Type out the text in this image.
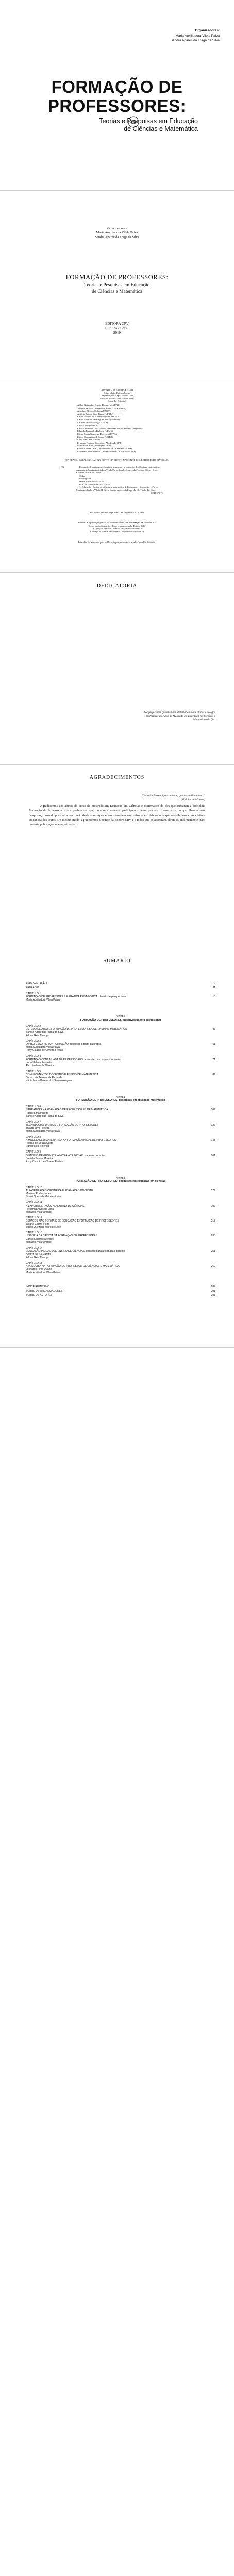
Organizadoras:
Maria Auxiliadora Vilela Paiva
Sandra Aparecida Fraga da Silva
FORMAÇÃO DE
PROFESSORES:
Teorias e Pesquisas em Educação
de Ciências e Matemática
Organizadoras
Maria Auxiliadora Vilela Paiva
Sandra Aparecida Fraga da Silva
FORMAÇÃO DE PROFESSORES:
Teorias e Pesquisas em Educação
de Ciências e Matemática
EDITORA CRV
Curitiba - Brasil
2019
Copyright © da Editora CRV Ltda.
Editor-chefe: Railson Moura
Diagramação e Capa: Editora CRV
Revisão: Analista de Escrita e Artes
Conselho Editorial:
Aldira Guimarães Duarte Domínguez (UNB)
Andréia da Silva Quintanilha Sousa (UNIR/UFRN)
Anselmo Alencar Colares (UFOPA)
Antônio Pereira Gaio Júnior (UFRRJ)
Carlos Alberto Vilar Estêvão (UMINHO - PT)
Carlos Federico Dominguez Avila (Unieuro)
Carmen Tereza Velanga (UNIR)
Celso Conti (UFSCar)
Cesar Gerónimo Tello (Univer. Nacional Três de Febrero - Argentina)
Eduardo Fernandes Barbosa (UFMG)
Elione Maria Nogueira Diogenes (UFAL)
Elizeu Clementino de Souza (UNEB)
Élsio José Corá (UFFS)
Fernando Antônio Gonçalves Alcoforado (IPB)
Francisco Carlos Duarte (PUC-PR)
Gloria Fariñas León (Universidade de La Havana - Cuba)
Guillermo Arias Beatón (Universidade de La Havana - Cuba)
CIP-BRASIL. CATALOGAÇÃO-NA-FONTE SINDICATO NACIONAL DOS EDITORES DE LIVROS, RJ
F82	Formação de professores: teorias e pesquisas em educação de ciências e matemática / organização Maria Auxiliadora Vilela Paiva, Sandra Aparecida Fraga da Silva. - 1. ed. - Curitiba - PR: CRV, 2019.

304 p.

Bibliografia

ISBN 978-85-444-3190-6

DOI 10.24824/978854443190.6

1. Educação - Ensino de ciências e matemática. 2. Professores - formação. I. Paiva, Maria Auxiliadora Vilela. II. Silva, Sandra Aparecida Fraga da. III. Título. IV. Série.

CDD 370.71

Foi feito o depósito legal conf. Lei 10.994 de 14/12/2004
Proibida a reprodução parcial ou total desta obra sem autorização da Editora CRV
Todos os direitos desta edição reservados pela: Editora CRV
Tel.: (41) 3039-6418 - E-mail: sac@editoracrv.com.br
Conheça os nossos lançamentos: www.editoracrv.com.br
Esta obra foi aprovada para publicação por pareceristas e pelo Conselho Editorial.
DEDICATÓRIA
Aos professores que ensinam Matemática e aos alunos e colegas professores do curso de Mestrado em Educação em Ciências e Matemática do Ifes.
AGRADECIMENTOS
"Se todos fossem iguais a você, que maravilha viver..."
(Vinicius de Moraes)
Agradecemos aos alunos do curso de Mestrado em Educação em Ciências e Matemática do Ifes que cursaram a disciplina Formação de Professores e aos professores que, com seus estudos, participaram desse processo formativo e compartilharam suas pesquisas, tornando possível a realização desta obra. Agradecemos também aos revisores e colaboradores que contribuíram com a leitura cuidadosa dos textos. Do mesmo modo, agradecemos à equipe da Editora CRV e a todos que colaboraram, direta ou indiretamente, para que esta publicação se concretizasse.
SUMÁRIO
APRESENTAÇÃO	9
PREFÁCIO	11
CAPÍTULO 1
FORMAÇÃO DE PROFESSORES E PRÁTICA PEDAGÓGICA: desafios e perspectivas	15
Maria Auxiliadora Vilela Paiva
PARTE 1
FORMAÇÃO DE PROFESSORES: desenvolvimento profissional
CAPÍTULO 2
ESTUDO DE AULA E FORMAÇÃO DE PROFESSORES QUE ENSINAM MATEMÁTICA	33
Sandra Aparecida Fraga da Silva
Edmar Reis Thiengo
CAPÍTULO 3
O PROFESSOR E SUA FORMAÇÃO: reflexões a partir da prática	51
Maria Auxiliadora Vilela Paiva
Rony Cláudio de Oliveira Freitas
CAPÍTULO 4
FORMAÇÃO CONTINUADA DE PROFESSORES: a escola como espaço formativo	71
Lúcia Helena Pancotto
Alex Jordane de Oliveira
CAPÍTULO 5
CONHECIMENTOS DOCENTES E ENSINO DE MATEMÁTICA	89
Oscar Luiz Teixeira de Rezende
Vânia Maria Pereira dos Santos-Wagner
PARTE 2
FORMAÇÃO DE PROFESSORES: pesquisas em educação matemática
CAPÍTULO 6
NARRATIVAS NA FORMAÇÃO DE PROFESSORES DE MATEMÁTICA	109
Rafael Lima Pereira
Sandra Aparecida Fraga da Silva
CAPÍTULO 7
TECNOLOGIAS DIGITAIS E FORMAÇÃO DE PROFESSORES	127
Thiago Silva Ferreira
Maria Auxiliadora Vilela Paiva
CAPÍTULO 8
A MODELAGEM MATEMÁTICA NA FORMAÇÃO INICIAL DE PROFESSORES	145
Priscila de Souza Costa
Edmar Reis Thiengo
CAPÍTULO 9
O ENSINO DE GEOMETRIA NOS ANOS INICIAIS: saberes docentes	161
Daniela Santos Moreira
Rony Cláudio de Oliveira Freitas
PARTE 3
FORMAÇÃO DE PROFESSORES: pesquisas em educação em ciências
CAPÍTULO 10
ALFABETIZAÇÃO CIENTÍFICA E FORMAÇÃO DOCENTE	179
Mariana Rocha Lopes
Sidnei Quezada Meireles Leite
CAPÍTULO 11
A EXPERIMENTAÇÃO NO ENSINO DE CIÊNCIAS	197
Fernanda Alves de Lima
Manuella Villar Amado
CAPÍTULO 12
ESPAÇOS NÃO FORMAIS DE EDUCAÇÃO E FORMAÇÃO DE PROFESSORES	215
Juliana Castro Vieira
Sidnei Quezada Meireles Leite
CAPÍTULO 13
HISTÓRIA DA CIÊNCIA NA FORMAÇÃO DE PROFESSORES	233
Carlos Eduardo Mendes
Manuella Villar Amado
CAPÍTULO 14
EDUCAÇÃO INCLUSIVA E ENSINO DE CIÊNCIAS: desafios para a formação docente	251
Beatriz Souza Martins
Edmar Reis Thiengo
CAPÍTULO 15
A PESQUISA NA FORMAÇÃO DO PROFESSOR DE CIÊNCIAS E MATEMÁTICA	269
Leonardo Pires Duarte
Maria Auxiliadora Vilela Paiva
ÍNDICE REMISSIVO	287
SOBRE OS ORGANIZADORES	291
SOBRE OS AUTORES	293
